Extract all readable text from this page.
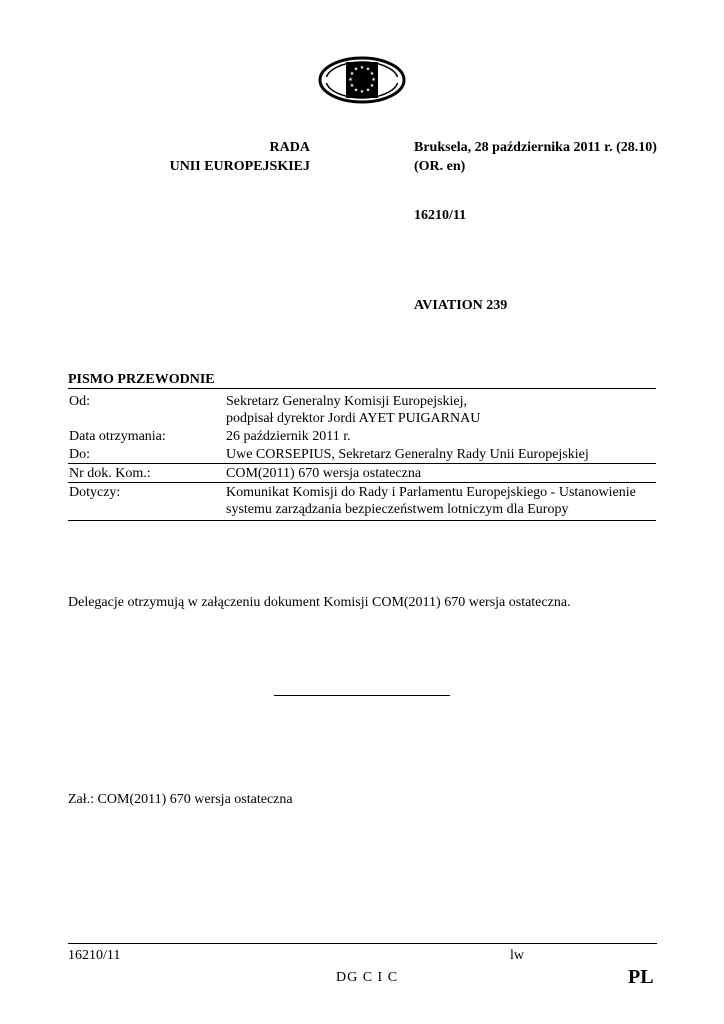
★ ★
★
★
★
★
★
★
★
★
★
★
RADA
UNII EUROPEJSKIEJ
Bruksela, 28 października 2011 r. (28.10)
(OR. en)
16210/11
AVIATION 239
PISMO PRZEWODNIE
Od:	Sekretarz Generalny Komisji Europejskiej,
podpisał dyrektor Jordi AYET PUIGARNAU
Data otrzymania:	26 październik 2011 r.
Do:	Uwe CORSEPIUS, Sekretarz Generalny Rady Unii Europejskiej
Nr dok. Kom.:	COM(2011) 670 wersja ostateczna
Dotyczy:	Komunikat Komisji do Rady i Parlamentu Europejskiego - Ustanowienie
systemu zarządzania bezpieczeństwem lotniczym dla Europy
Delegacje otrzymują w załączeniu dokument Komisji COM(2011) 670 wersja ostateczna.
Zał.: COM(2011) 670 wersja ostateczna
16210/11	lw
DG C I C	PL
